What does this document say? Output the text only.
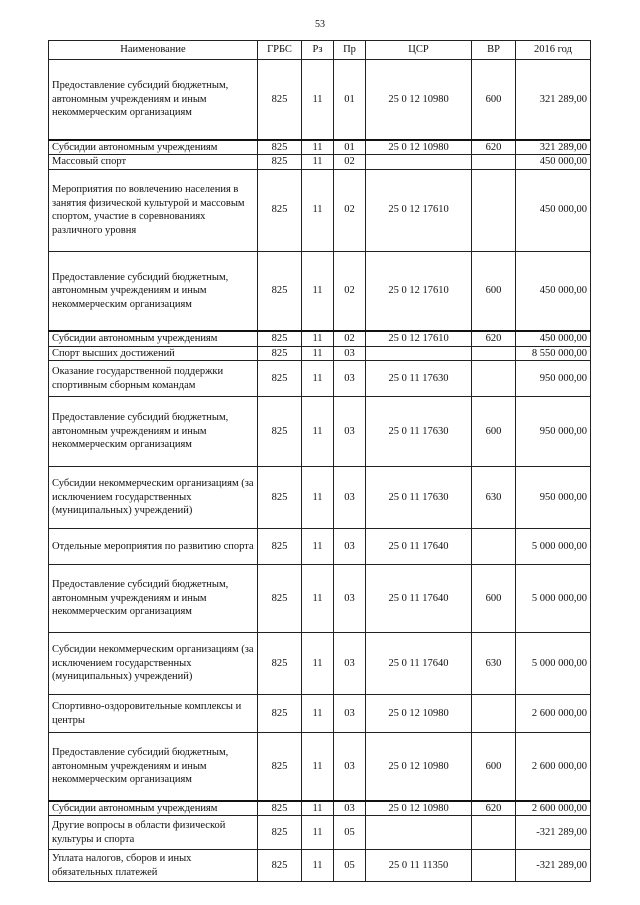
53
Наименование	ГРБС	Рз	Пр	ЦСР	ВР	2016 год
Предоставление субсидий бюджетным, автономным учреждениям и иным некоммерческим организациям	825	11	01	25 0 12 10980	600	321 289,00
Субсидии автономным учреждениям	825	11	01	25 0 12 10980	620	321 289,00
Массовый спорт	825	11	02			450 000,00
Мероприятия по вовлечению населения в занятия физической культурой и массовым спортом, участие в соревнованиях различного уровня	825	11	02	25 0 12 17610		450 000,00
Предоставление субсидий бюджетным, автономным учреждениям и иным некоммерческим организациям	825	11	02	25 0 12 17610	600	450 000,00
Субсидии автономным учреждениям	825	11	02	25 0 12 17610	620	450 000,00
Спорт высших достижений	825	11	03			8 550 000,00
Оказание государственной поддержки спортивным сборным командам	825	11	03	25 0 11 17630		950 000,00
Предоставление субсидий бюджетным, автономным учреждениям и иным некоммерческим организациям	825	11	03	25 0 11 17630	600	950 000,00
Субсидии некоммерческим организациям (за исключением государственных (муниципальных) учреждений)	825	11	03	25 0 11 17630	630	950 000,00
Отдельные мероприятия по развитию спорта	825	11	03	25 0 11 17640		5 000 000,00
Предоставление субсидий бюджетным, автономным учреждениям и иным некоммерческим организациям	825	11	03	25 0 11 17640	600	5 000 000,00
Субсидии некоммерческим организациям (за исключением государственных (муниципальных) учреждений)	825	11	03	25 0 11 17640	630	5 000 000,00
Спортивно-оздоровительные комплексы и центры	825	11	03	25 0 12 10980		2 600 000,00
Предоставление субсидий бюджетным, автономным учреждениям и иным некоммерческим организациям	825	11	03	25 0 12 10980	600	2 600 000,00
Субсидии автономным учреждениям	825	11	03	25 0 12 10980	620	2 600 000,00
Другие вопросы в области физической культуры и спорта	825	11	05			-321 289,00
Уплата налогов, сборов и иных обязательных платежей	825	11	05	25 0 11 11350		-321 289,00
